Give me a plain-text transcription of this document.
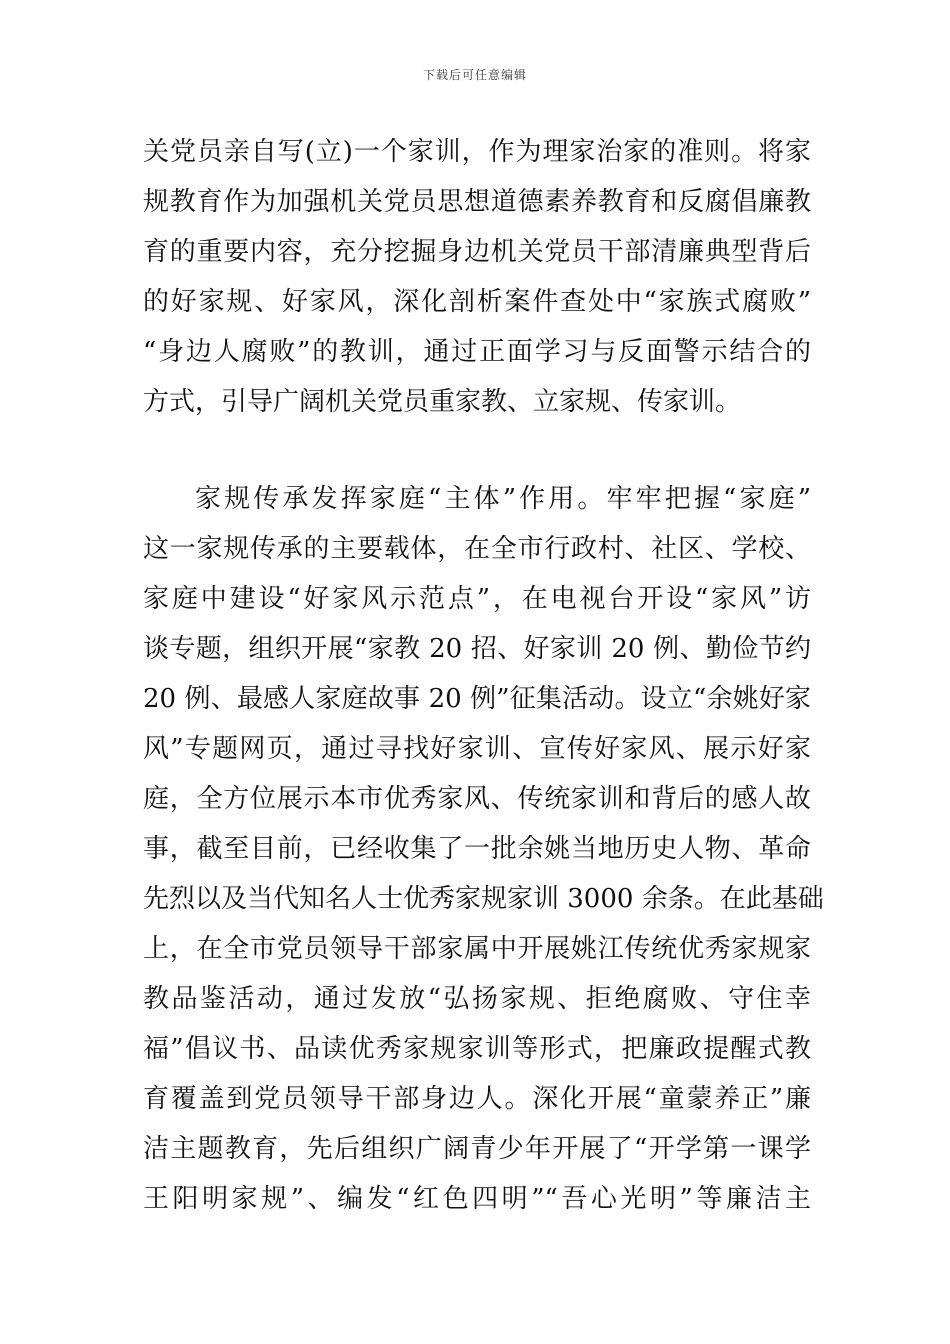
下载后可任意编辑
关党员亲自写(立)一个家训，作为理家治家的准则。将家
规教育作为加强机关党员思想道德素养教育和反腐倡廉教
育的重要内容，充分挖掘身边机关党员干部清廉典型背后
的好家规、好家风，深化剖析案件查处中“家族式腐败”
“身边人腐败”的教训，通过正面学习与反面警示结合的
方式，引导广阔机关党员重家教、立家规、传家训。
家规传承发挥家庭“主体”作用。牢牢把握“家庭”
这一家规传承的主要载体，在全市行政村、社区、学校、
家庭中建设“好家风示范点”，在电视台开设“家风”访
谈专题，组织开展“家教 20 招、好家训 20 例、勤俭节约
20 例、最感人家庭故事 20 例”征集活动。设立“余姚好家
风”专题网页，通过寻找好家训、宣传好家风、展示好家
庭，全方位展示本市优秀家风、传统家训和背后的感人故
事，截至目前，已经收集了一批余姚当地历史人物、革命
先烈以及当代知名人士优秀家规家训 3000 余条。在此基础
上，在全市党员领导干部家属中开展姚江传统优秀家规家
教品鉴活动，通过发放“弘扬家规、拒绝腐败、守住幸
福”倡议书、品读优秀家规家训等形式，把廉政提醒式教
育覆盖到党员领导干部身边人。深化开展“童蒙养正”廉
洁主题教育，先后组织广阔青少年开展了“开学第一课学
王阳明家规”、编发“红色四明”“吾心光明”等廉洁主
